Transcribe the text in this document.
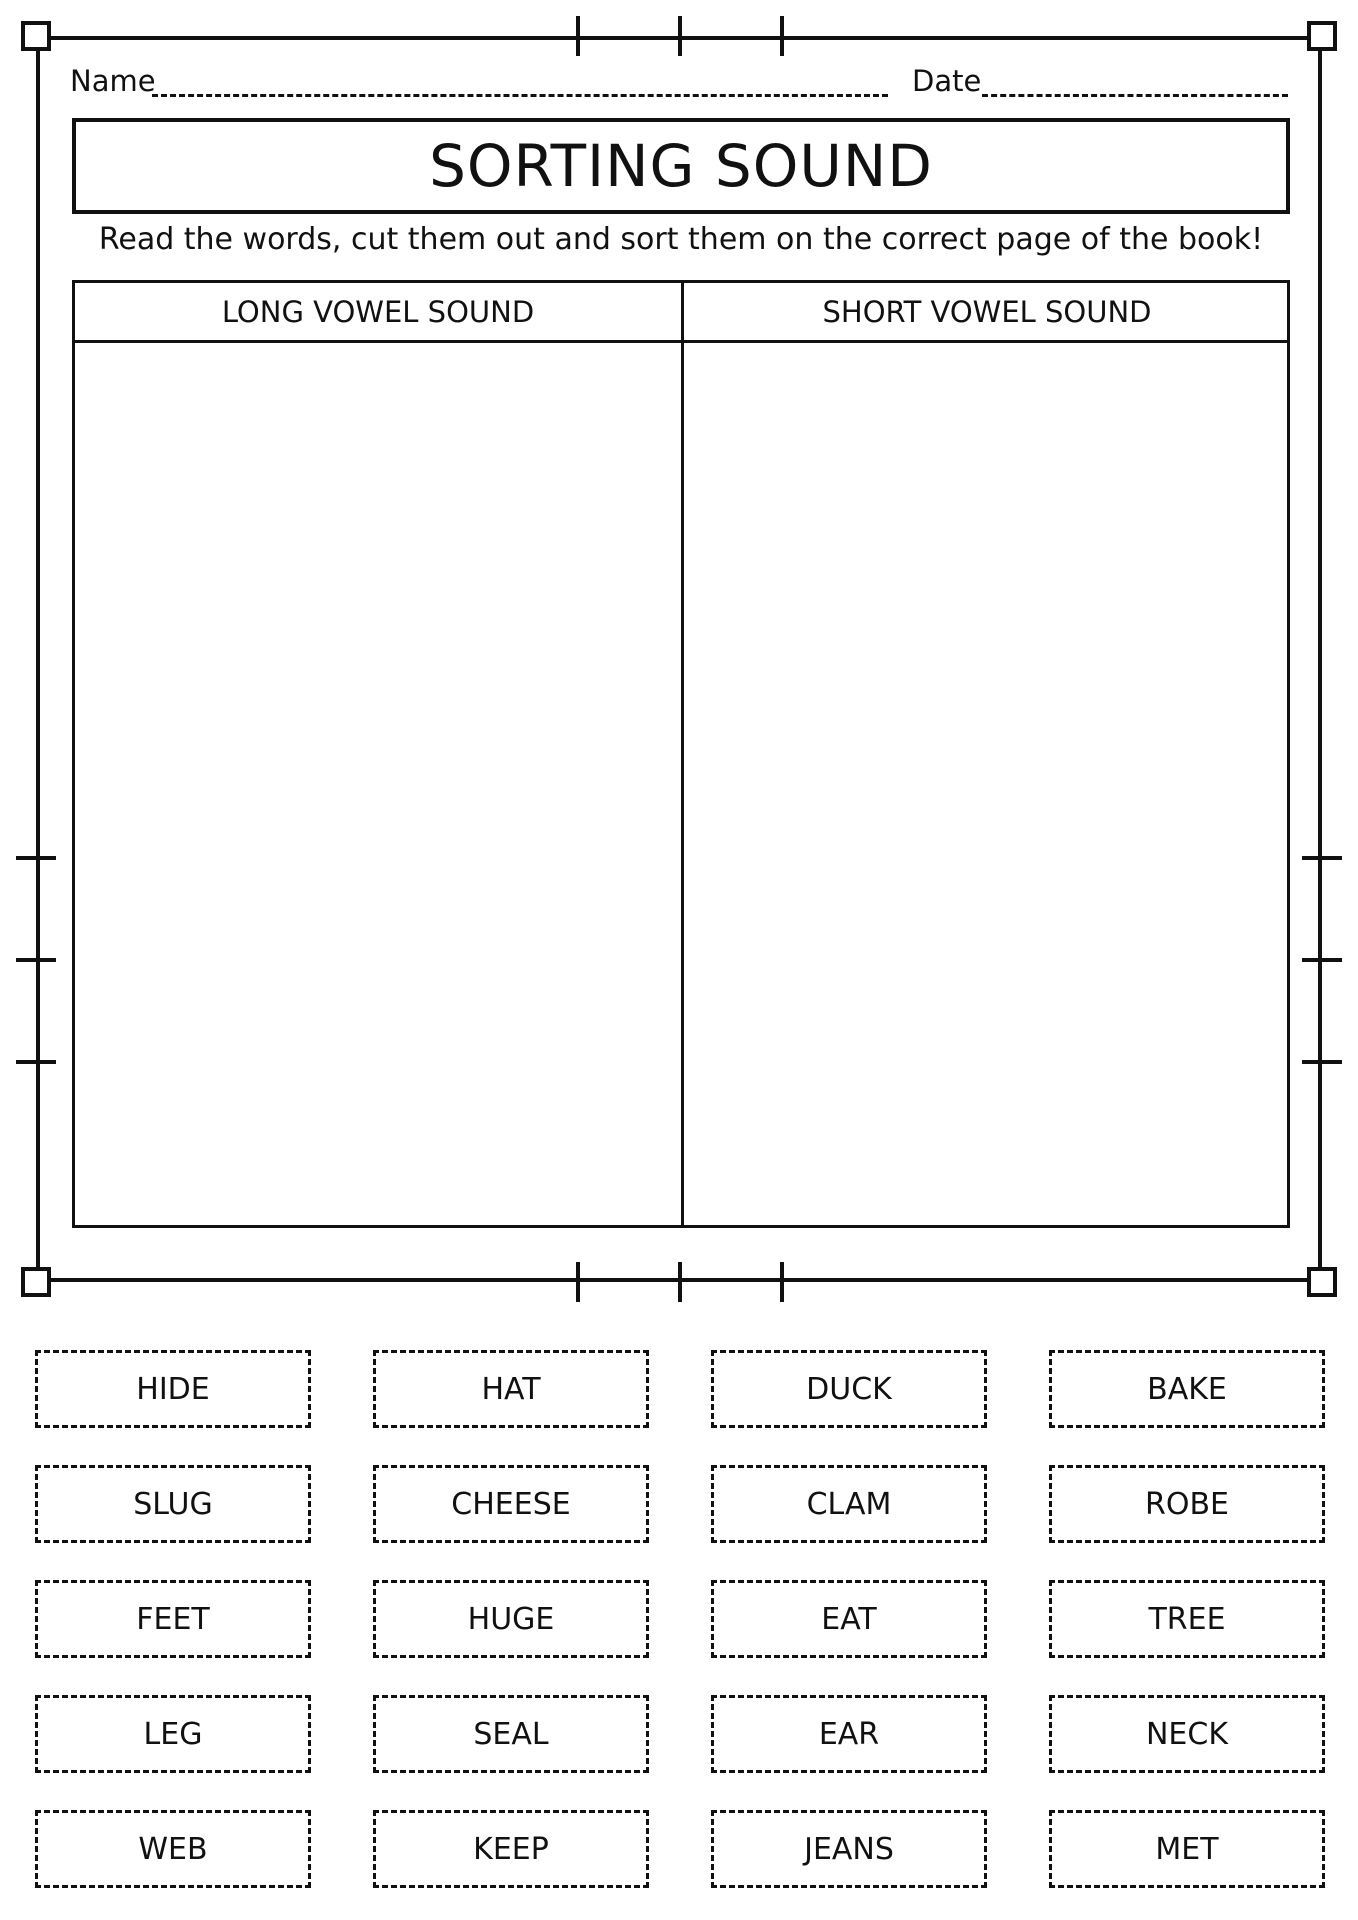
Name	Date
SORTING SOUND
Read the words, cut them out and sort them on the correct page of the book!
LONG VOWEL SOUND	SHORT VOWEL SOUND
HIDE	HAT	DUCK	BAKE
SLUG	CHEESE	CLAM	ROBE
FEET	HUGE	EAT	TREE
LEG	SEAL	EAR	NECK
WEB	KEEP	JEANS	MET
